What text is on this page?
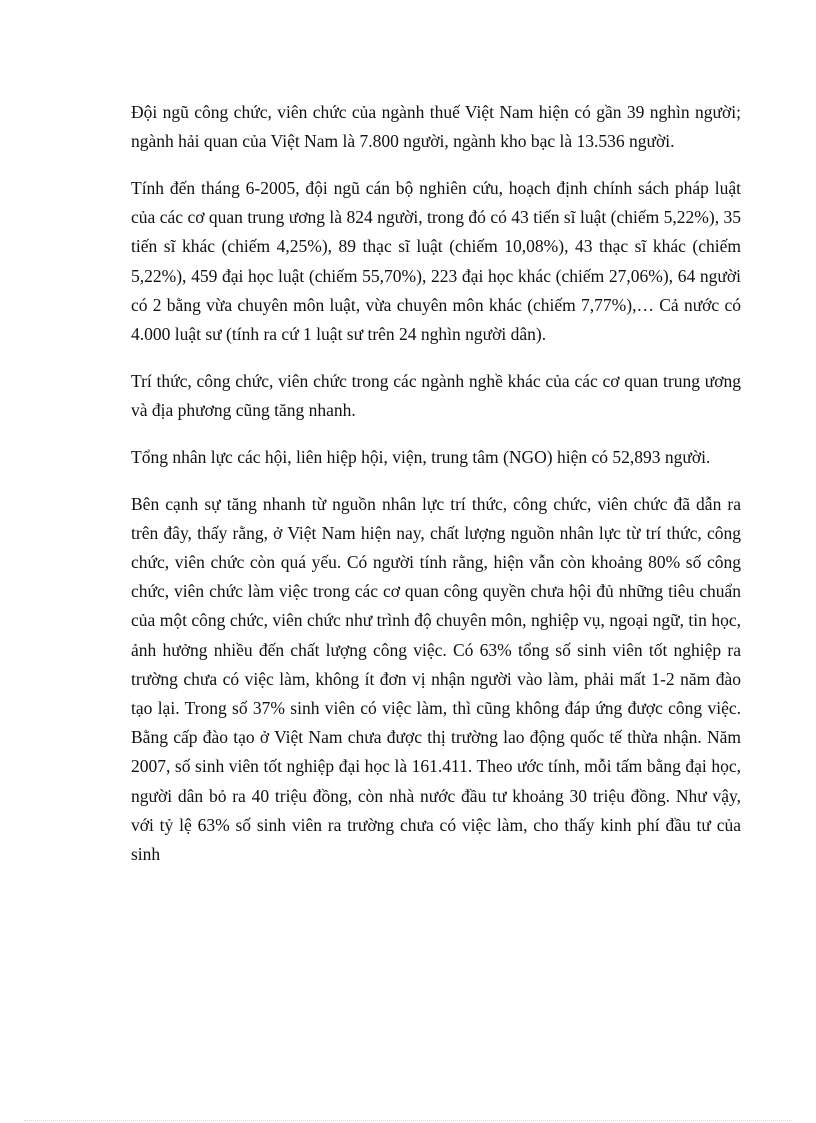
Đội ngũ công chức, viên chức của ngành thuế Việt Nam hiện có gần 39 nghìn người; ngành hải quan của Việt Nam là 7.800 người, ngành kho bạc là 13.536 người.

Tính đến tháng 6-2005, đội ngũ cán bộ nghiên cứu, hoạch định chính sách pháp luật của các cơ quan trung ương là 824 người, trong đó có 43 tiến sĩ luật (chiếm 5,22%), 35 tiến sĩ khác (chiếm 4,25%), 89 thạc sĩ luật (chiếm 10,08%), 43 thạc sĩ khác (chiếm 5,22%), 459 đại học luật (chiếm 55,70%), 223 đại học khác (chiếm 27,06%), 64 người có 2 bằng vừa chuyên môn luật, vừa chuyên môn khác (chiếm 7,77%),… Cả nước có 4.000 luật sư (tính ra cứ 1 luật sư trên 24 nghìn người dân).

Trí thức, công chức, viên chức trong các ngành nghề khác của các cơ quan trung ương và địa phương cũng tăng nhanh.

Tổng nhân lực các hội, liên hiệp hội, viện, trung tâm (NGO) hiện có 52,893 người.

Bên cạnh sự tăng nhanh từ nguồn nhân lực trí thức, công chức, viên chức đã dẫn ra trên đây, thấy rằng, ở Việt Nam hiện nay, chất lượng nguồn nhân lực từ trí thức, công chức, viên chức còn quá yếu. Có người tính rằng, hiện vẫn còn khoảng 80% số công chức, viên chức làm việc trong các cơ quan công quyền chưa hội đủ những tiêu chuẩn của một công chức, viên chức như trình độ chuyên môn, nghiệp vụ, ngoại ngữ, tin học, ảnh hưởng nhiều đến chất lượng công việc. Có 63% tổng số sinh viên tốt nghiệp ra trường chưa có việc làm, không ít đơn vị nhận người vào làm, phải mất 1-2 năm đào tạo lại. Trong số 37% sinh viên có việc làm, thì cũng không đáp ứng được công việc. Bằng cấp đào tạo ở Việt Nam chưa được thị trường lao động quốc tế thừa nhận. Năm 2007, số sinh viên tốt nghiệp đại học là 161.411. Theo ước tính, mỗi tấm bằng đại học, người dân bỏ ra 40 triệu đồng, còn nhà nước đầu tư khoảng 30 triệu đồng. Như vậy, với tỷ lệ 63% số sinh viên ra trường chưa có việc làm, cho thấy kinh phí đầu tư của sinh
